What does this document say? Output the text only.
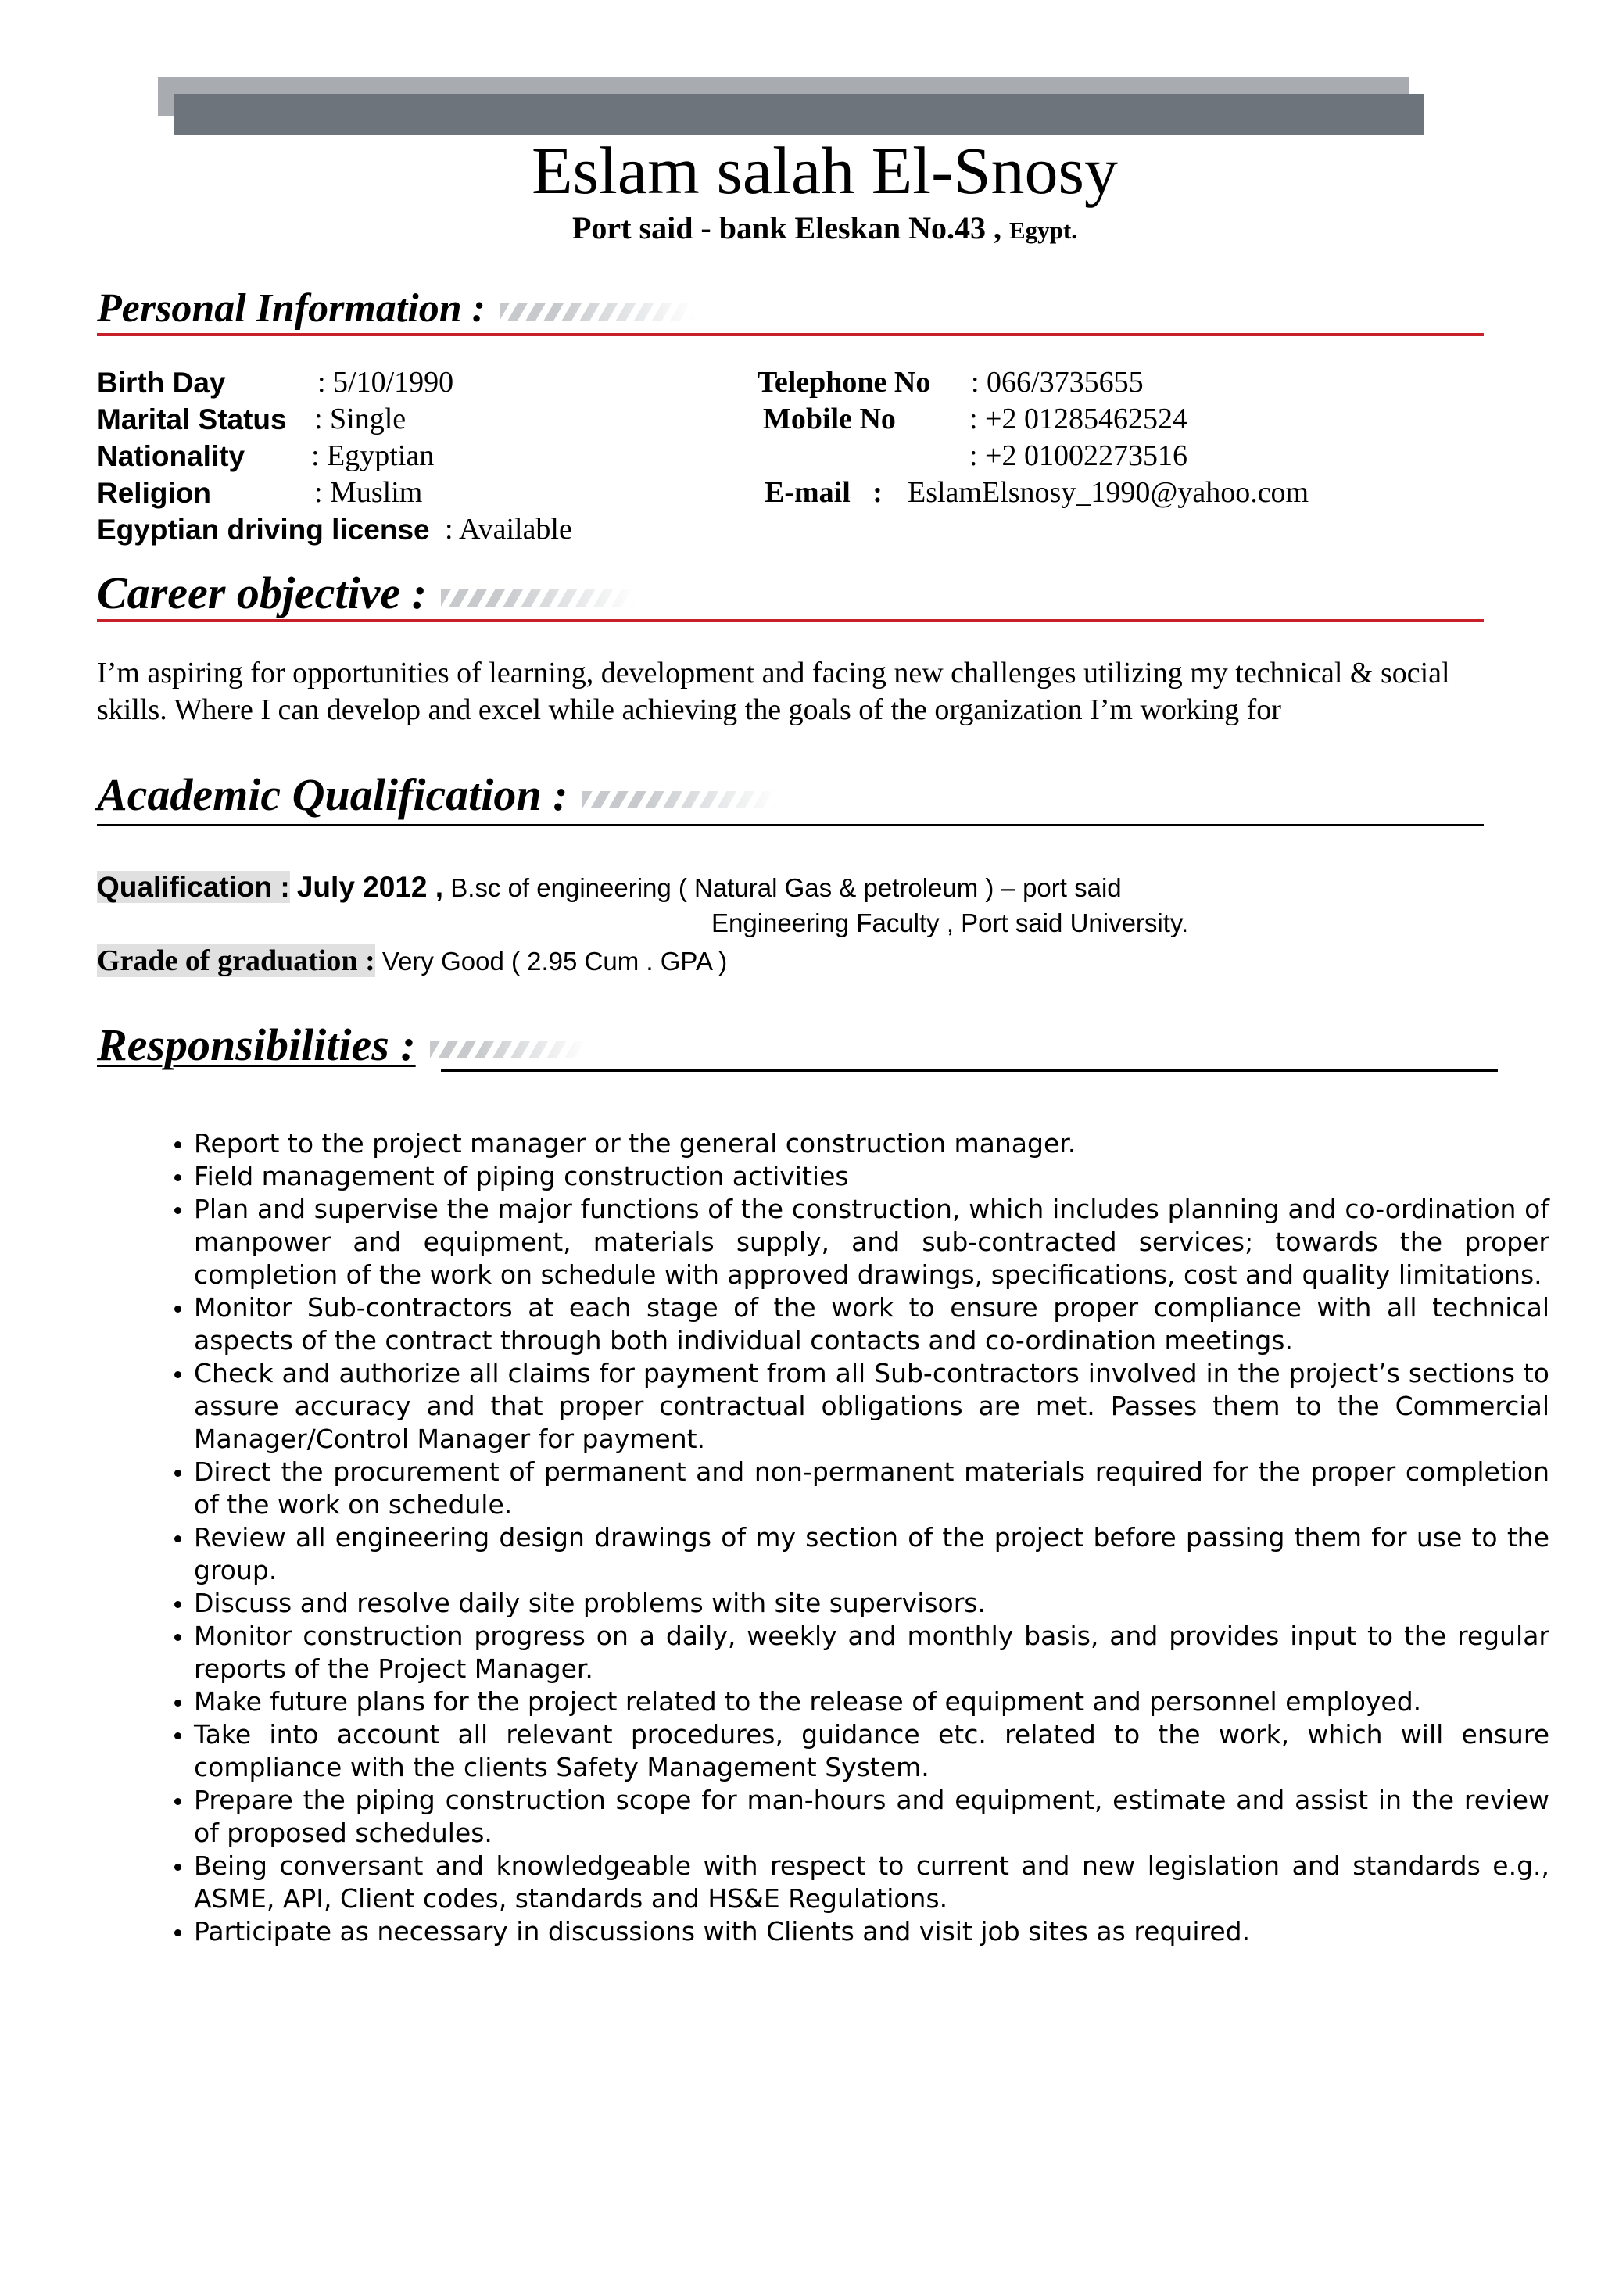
Eslam salah El-Snosy
Port said - bank Eleskan No.43 , Egypt.
Personal Information :
Birth Day	: 5/10/1990
Marital Status : Single
Nationality : Egyptian
Religion	: Muslim
Egyptian driving license : Available
Telephone No : 066/3735655
Mobile No : +2 01285462524
: +2 01002273516
E-mail   : EslamElsnosy_1990@yahoo.com
Career objective :
I’m aspiring for opportunities of learning, development and facing new challenges utilizing my technical & social skills. Where I can develop and excel while achieving the goals of the organization I’m working for
Academic Qualification :
Qualification : July 2012 , B.sc of engineering ( Natural Gas & petroleum ) – port said
Engineering Faculty , Port said University.
Grade of graduation : Very Good ( 2.95 Cum . GPA )
Responsibilities :
• Report to the project manager or the general construction manager.
• Field management of piping construction activities
• Plan and supervise the major functions of the construction, which includes planning and co-ordination of manpower and equipment, materials supply, and sub-contracted services; towards the proper completion of the work on schedule with approved drawings, specifications, cost and quality limitations.
• Monitor Sub-contractors at each stage of the work to ensure proper compliance with all technical aspects of the contract through both individual contacts and co-ordination meetings.
• Check and authorize all claims for payment from all Sub-contractors involved in the project’s sections to assure accuracy and that proper contractual obligations are met. Passes them to the Commercial Manager/Control Manager for payment.
• Direct the procurement of permanent and non-permanent materials required for the proper completion of the work on schedule.
• Review all engineering design drawings of my section of the project before passing them for use to the group.
• Discuss and resolve daily site problems with site supervisors.
• Monitor construction progress on a daily, weekly and monthly basis, and provides input to the regular reports of the Project Manager.
• Make future plans for the project related to the release of equipment and personnel employed.
• Take into account all relevant procedures, guidance etc. related to the work, which will ensure compliance with the clients Safety Management System.
• Prepare the piping construction scope for man-hours and equipment, estimate and assist in the review of proposed schedules.
• Being conversant and knowledgeable with respect to current and new legislation and standards e.g., ASME, API, Client codes, standards and HS&E Regulations.
• Participate as necessary in discussions with Clients and visit job sites as required.
